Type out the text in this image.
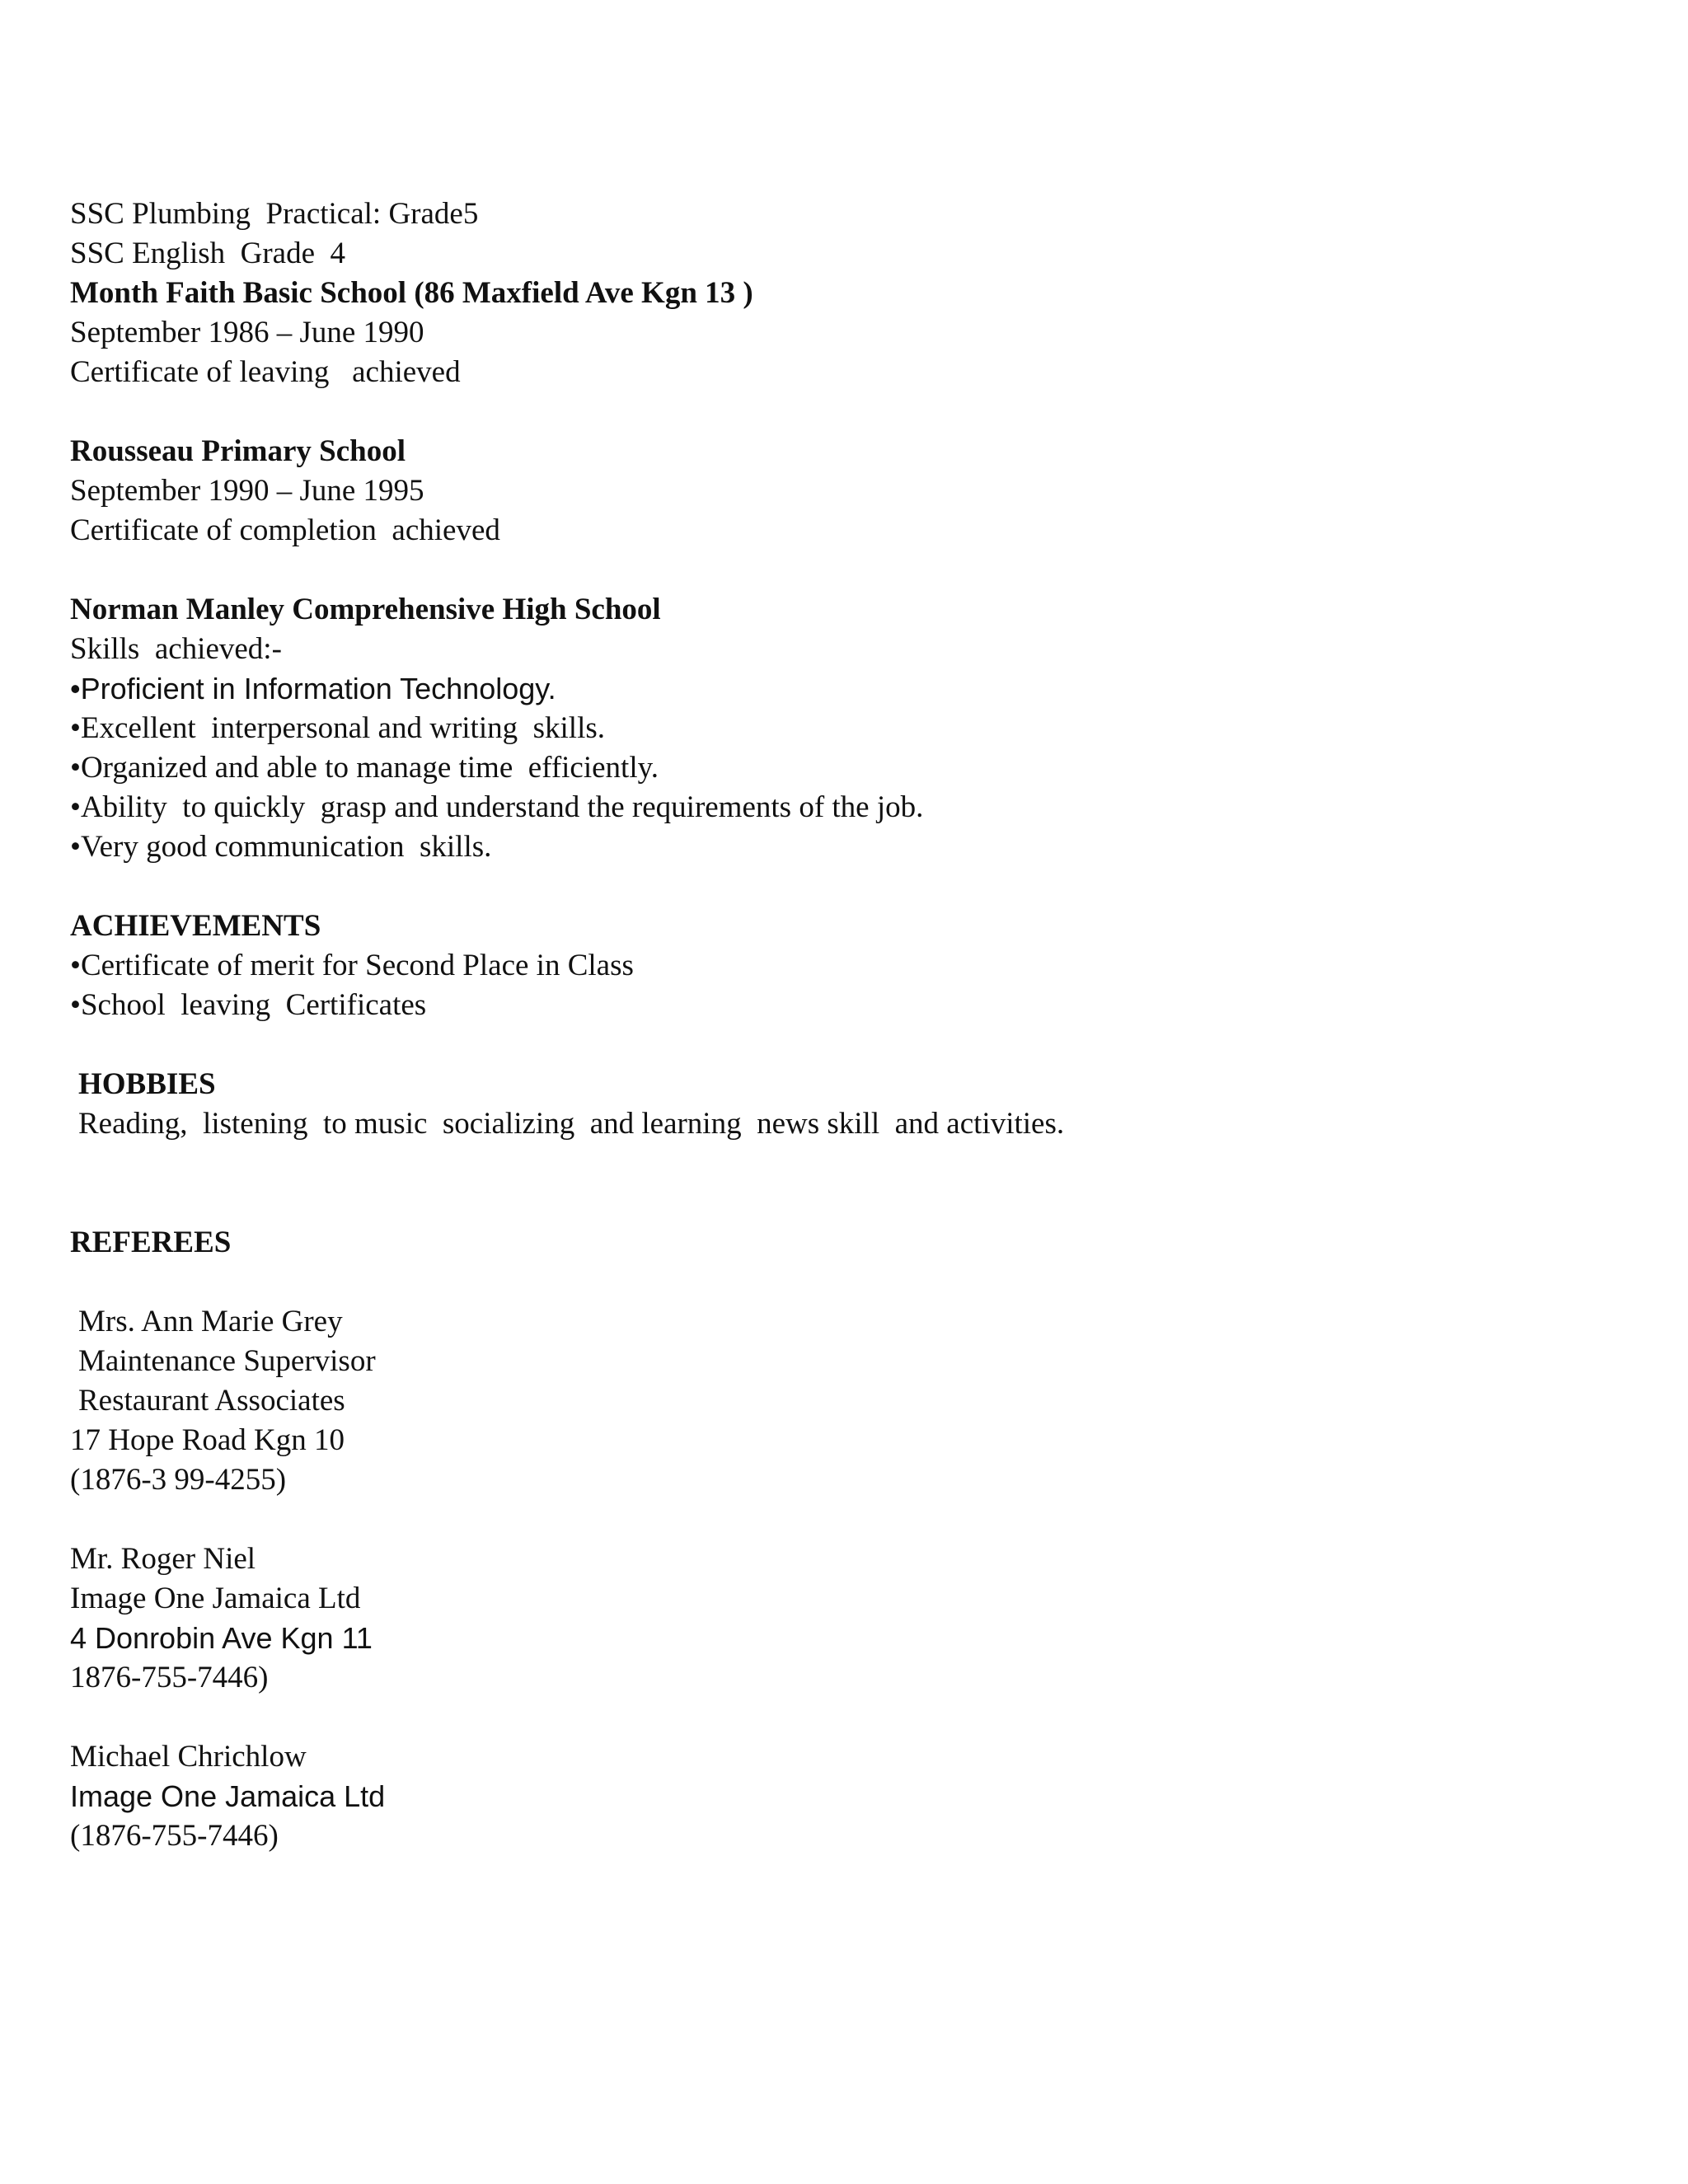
SSC Plumbing  Practical: Grade5

SSC English  Grade  4

Month Faith Basic School (86 Maxfield Ave Kgn 13 )

September 1986 – June 1990

Certificate of leaving   achieved

Rousseau Primary School

September 1990 – June 1995

Certificate of completion  achieved

Norman Manley Comprehensive High School

Skills  achieved:-

•Proficient in Information Technology.

•Excellent  interpersonal and writing  skills.

•Organized and able to manage time  efficiently.

•Ability  to quickly  grasp and understand the requirements of the job.

•Very good communication  skills.

ACHIEVEMENTS

•Certificate of merit for Second Place in Class

•School  leaving  Certificates

HOBBIES

Reading,  listening  to music  socializing  and learning  news skill  and activities.

REFEREES

Mrs. Ann Marie Grey

Maintenance Supervisor

Restaurant Associates

17 Hope Road Kgn 10

(1876-3 99-4255)

Mr. Roger Niel

Image One Jamaica Ltd

4 Donrobin Ave Kgn 11

1876-755-7446)

Michael Chrichlow

Image One Jamaica Ltd

(1876-755-7446)
